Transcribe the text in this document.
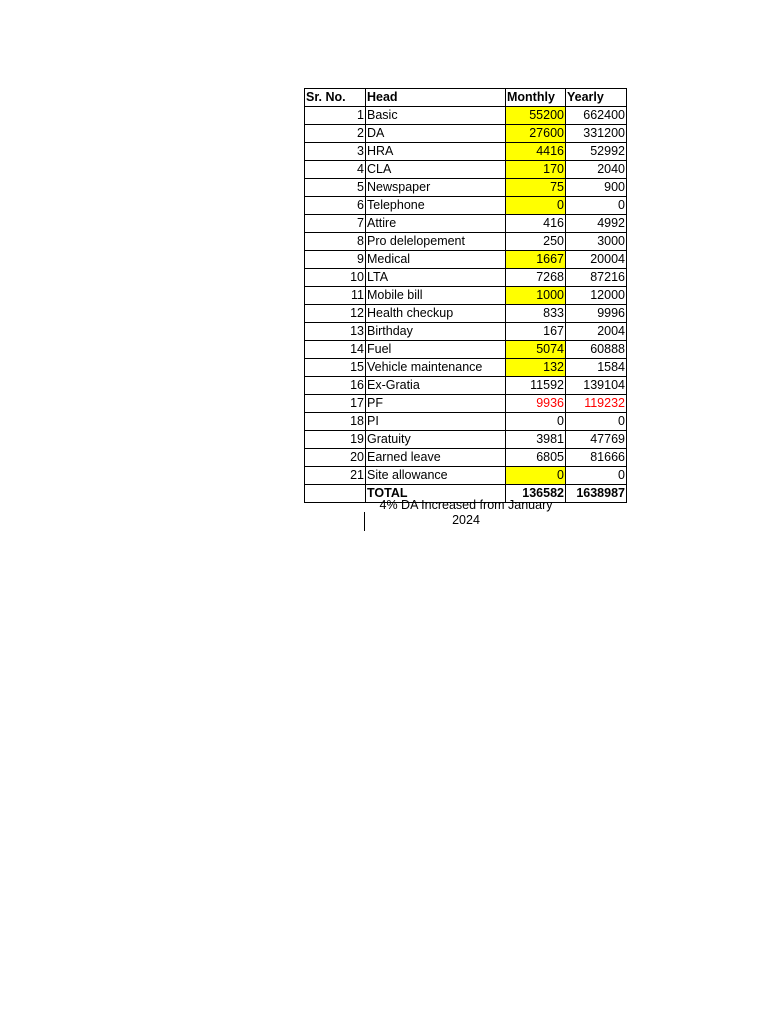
Sr. No.	Head	Monthly	Yearly
1	Basic	55200	662400
2	DA	27600	331200
3	HRA	4416	52992
4	CLA	170	2040
5	Newspaper	75	900
6	Telephone	0	0
7	Attire	416	4992
8	Pro delelopement	250	3000
9	Medical	1667	20004
10	LTA	7268	87216
11	Mobile bill	1000	12000
12	Health checkup	833	9996
13	Birthday	167	2004
14	Fuel	5074	60888
15	Vehicle maintenance	132	1584
16	Ex-Gratia	11592	139104
17	PF	9936	119232
18	PI	0	0
19	Gratuity	3981	47769
20	Earned leave	6805	81666
21	Site allowance	0	0
	TOTAL	136582	1638987
4% DA Increased from January
2024
